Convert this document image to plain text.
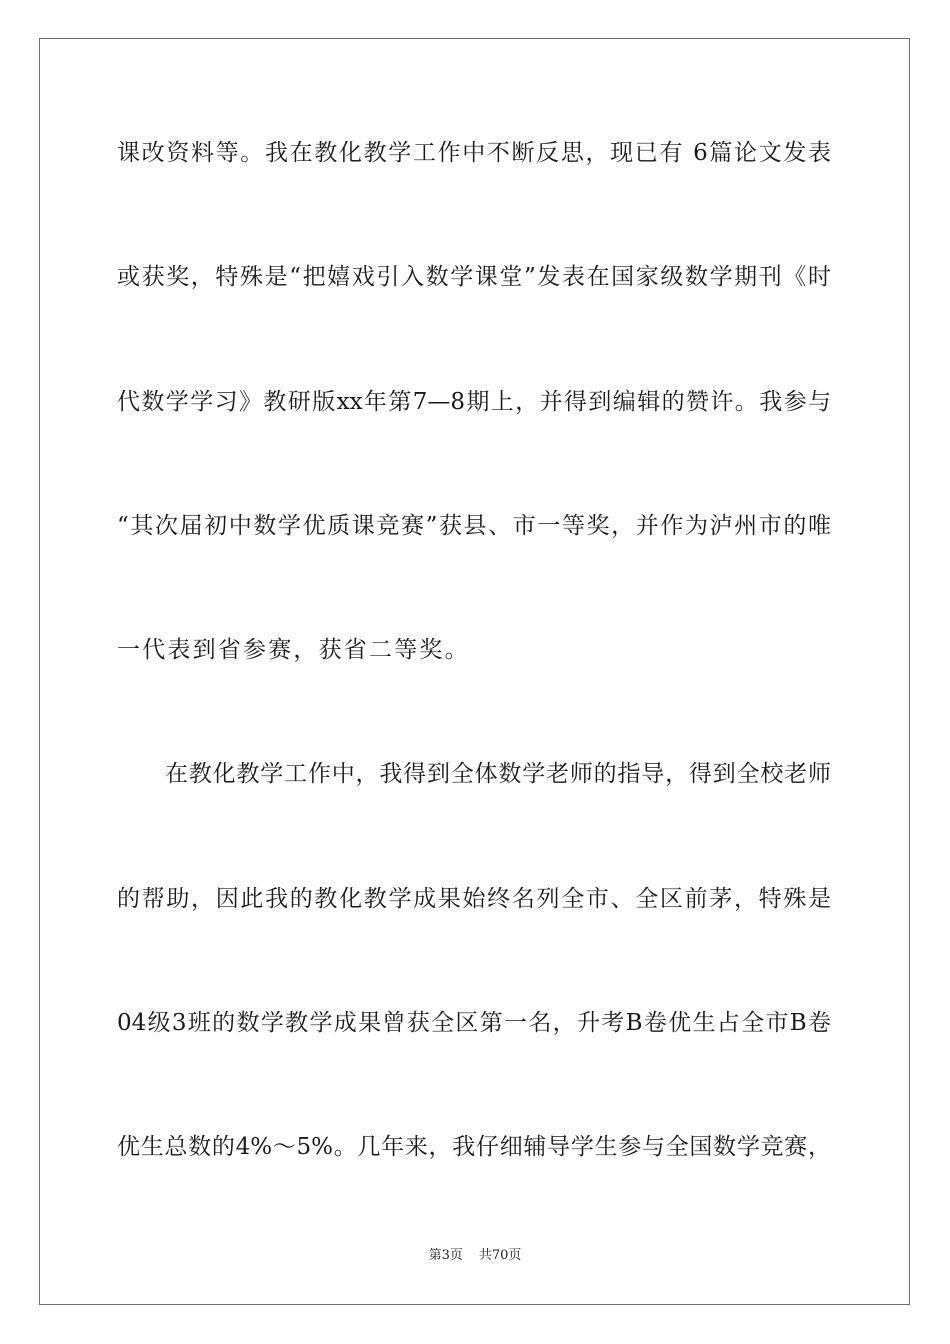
课改资料等。我在教化教学工作中不断反思，现已有 6篇论文发表
或获奖，特殊是“把嬉戏引入数学课堂”发表在国家级数学期刊《时
代数学学习》教研版xx年第7—8期上，并得到编辑的赞许。我参与
“其次届初中数学优质课竞赛”获县、市一等奖，并作为泸州市的唯
一代表到省参赛，获省二等奖。
在教化教学工作中，我得到全体数学老师的指导，得到全校老师
的帮助，因此我的教化教学成果始终名列全市、全区前茅，特殊是
04级3班的数学教学成果曾获全区第一名，升考B卷优生占全市B卷
优生总数的4%～5%。几年来，我仔细辅导学生参与全国数学竞赛，
第3页 共70页
